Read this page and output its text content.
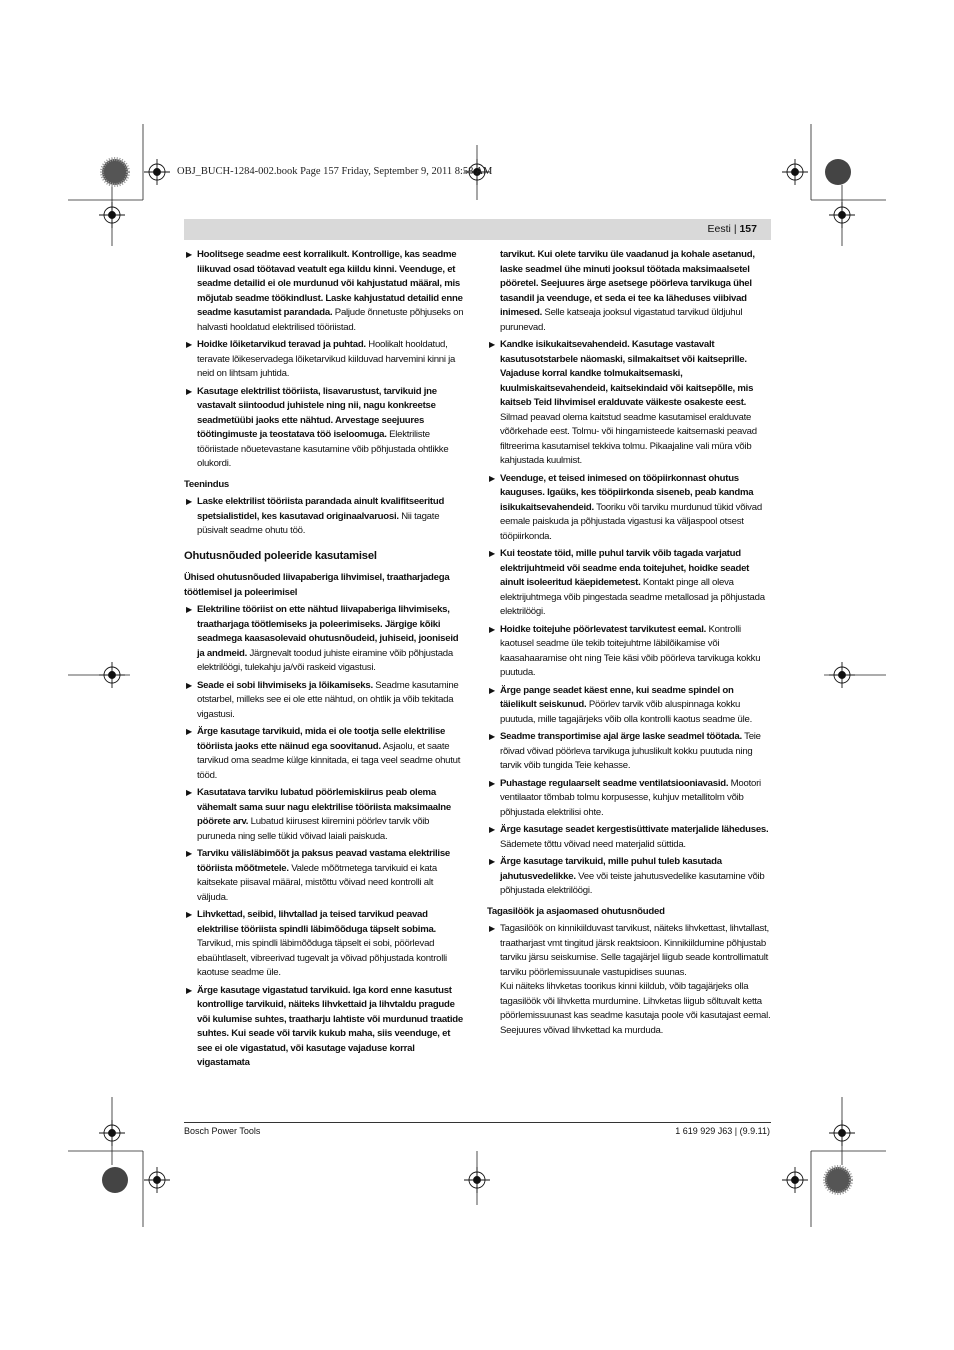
OBJ_BUCH-1284-002.book Page 157 Friday, September 9, 2011 8:58 AM
Eesti | 157
▶ Hoolitsege seadme eest korralikult. Kontrollige, kas seadme liikuvad osad töötavad veatult ega kiildu kinni. Veenduge, et seadme detailid ei ole murdunud või kahjustatud määral, mis mõjutab seadme töökindlust. Laske kahjustatud detailid enne seadme kasutamist parandada. Paljude õnnetuste põhjuseks on halvasti hooldatud elektrilised tööriistad.
▶ Hoidke lõiketarvikud teravad ja puhtad. Hoolikalt hooldatud, teravate lõikeservadega lõiketarvikud kiilduvad harvemini kinni ja neid on lihtsam juhtida.
▶ Kasutage elektrilist tööriista, lisavarustust, tarvikuid jne vastavalt siintoodud juhistele ning nii, nagu konkreetse seadmetüübi jaoks ette nähtud. Arvestage seejuures töötingimuste ja teostatava töö iseloomuga. Elektriliste tööriistade nõuetevastane kasutamine võib põhjustada ohtlikke olukordi.
Teenindus
▶ Laske elektrilist tööriista parandada ainult kvalifitseeritud spetsialistidel, kes kasutavad originaalvaruosi. Nii tagate püsivalt seadme ohutu töö.
Ohutusnõuded poleeride kasutamisel
Ühised ohutusnõuded liivapaberiga lihvimisel, traatharjadega töötlemisel ja poleerimisel
▶ Elektriline tööriist on ette nähtud liivapaberiga lihvimiseks, traatharjaga töötlemiseks ja poleerimiseks. Järgige kõiki seadmega kaasasolevaid ohutusnõudeid, juhiseid, jooniseid ja andmeid. Järgnevalt toodud juhiste eiramine võib põhjustada elektrilöögi, tulekahju ja/või raskeid vigastusi.
▶ Seade ei sobi lihvimiseks ja lõikamiseks. Seadme kasutamine otstarbel, milleks see ei ole ette nähtud, on ohtlik ja võib tekitada vigastusi.
▶ Ärge kasutage tarvikuid, mida ei ole tootja selle elektrilise tööriista jaoks ette näinud ega soovitanud. Asjaolu, et saate tarvikud oma seadme külge kinnitada, ei taga veel seadme ohutut tööd.
▶ Kasutatava tarviku lubatud pöörlemiskiirus peab olema vähemalt sama suur nagu elektrilise tööriista maksimaalne pöörete arv. Lubatud kiirusest kiiremini pöörlev tarvik võib puruneda ning selle tükid võivad laiali paiskuda.
▶ Tarviku välisläbimõõt ja paksus peavad vastama elektrilise tööriista mõõtmetele. Valede mõõtmetega tarvikuid ei kata kaitsekate piisaval määral, mistõttu võivad need kontrolli alt väljuda.
▶ Lihvkettad, seibid, lihvtallad ja teised tarvikud peavad elektrilise tööriista spindli läbimõõduga täpselt sobima. Tarvikud, mis spindli läbimõõduga täpselt ei sobi, pöörlevad ebaühtlaselt, vibreerivad tugevalt ja võivad põhjustada kontrolli kaotuse seadme üle.
▶ Ärge kasutage vigastatud tarvikuid. Iga kord enne kasutust kontrollige tarvikuid, näiteks lihvkettaid ja lihvtaldu pragude või kulumise suhtes, traatharju lahtiste või murdunud traatide suhtes. Kui seade või tarvik kukub maha, siis veenduge, et see ei ole vigastatud, või kasutage vajaduse korral vigastamata
tarvikut. Kui olete tarviku üle vaadanud ja kohale asetanud, laske seadmel ühe minuti jooksul töötada maksimaalsetel pööretel. Seejuures ärge asetsege pöörleva tarvikuga ühel tasandil ja veenduge, et seda ei tee ka läheduses viibivad inimesed. Selle katseaja jooksul vigastatud tarvikud üldjuhul purunevad.
▶ Kandke isikukaitsevahendeid. Kasutage vastavalt kasutusotstarbele näomaski, silmakaitset või kaitseprille. Vajaduse korral kandke tolmukaitsemaski, kuulmiskaitsevahendeid, kaitsekindaid või kaitsepõlle, mis kaitseb Teid lihvimisel eralduvate väikeste osakeste eest. Silmad peavad olema kaitstud seadme kasutamisel eralduvate võõrkehade eest. Tolmu- või hingamisteede kaitsemaski peavad filtreerima kasutamisel tekkiva tolmu. Pikaajaline vali müra võib kahjustada kuulmist.
▶ Veenduge, et teised inimesed on tööpiirkonnast ohutus kauguses. Igaüks, kes tööpiirkonda siseneb, peab kandma isikukaitsevahendeid. Tooriku või tarviku murdunud tükid võivad eemale paiskuda ja põhjustada vigastusi ka väljaspool otsest tööpiirkonda.
▶ Kui teostate töid, mille puhul tarvik võib tagada varjatud elektrijuhtmeid või seadme enda toitejuhet, hoidke seadet ainult isoleeritud käepidemetest. Kontakt pinge all oleva elektrijuhtmega võib pingestada seadme metallosad ja põhjustada elektrilöögi.
▶ Hoidke toitejuhe pöörlevatest tarvikutest eemal. Kontrolli kaotusel seadme üle tekib toitejuhtme läbilõikamise või kaasahaaramise oht ning Teie käsi võib pöörleva tarvikuga kokku puutuda.
▶ Ärge pange seadet käest enne, kui seadme spindel on täielikult seiskunud. Pöörlev tarvik võib aluspinnaga kokku puutuda, mille tagajärjeks võib olla kontrolli kaotus seadme üle.
▶ Seadme transportimise ajal ärge laske seadmel töötada. Teie rõivad võivad pöörleva tarvikuga juhuslikult kokku puutuda ning tarvik võib tungida Teie kehasse.
▶ Puhastage regulaarselt seadme ventilatsiooniavasid. Mootori ventilaator tõmbab tolmu korpusesse, kuhjuv metallitolm võib põhjustada elektrilisi ohte.
▶ Ärge kasutage seadet kergestisüttivate materjalide läheduses. Sädemete tõttu võivad need materjalid süttida.
▶ Ärge kasutage tarvikuid, mille puhul tuleb kasutada jahutusvedelikke. Vee või teiste jahutusvedelike kasutamine võib põhjustada elektrilöögi.
Tagasilöök ja asjaomased ohutusnõuded
▶ Tagasilöök on kinnikiilduvast tarvikust, näiteks lihvkettast, lihvtallast, traatharjast vmt tingitud järsk reaktsioon. Kinnikiildumine põhjustab tarviku järsu seiskumise. Selle tagajärjel liigub seade kontrollimatult tarviku pöörlemissuunale vastupidises suunas.
Kui näiteks lihvketas toorikus kinni kiildub, võib tagajärjeks olla tagasilöök või lihvketta murdumine. Lihvketas liigub sõltuvalt ketta pöörlemissuunast kas seadme kasutaja poole või kasutajast eemal. Seejuures võivad lihvkettad ka murduda.
Bosch Power Tools	1 619 929 J63 | (9.9.11)
